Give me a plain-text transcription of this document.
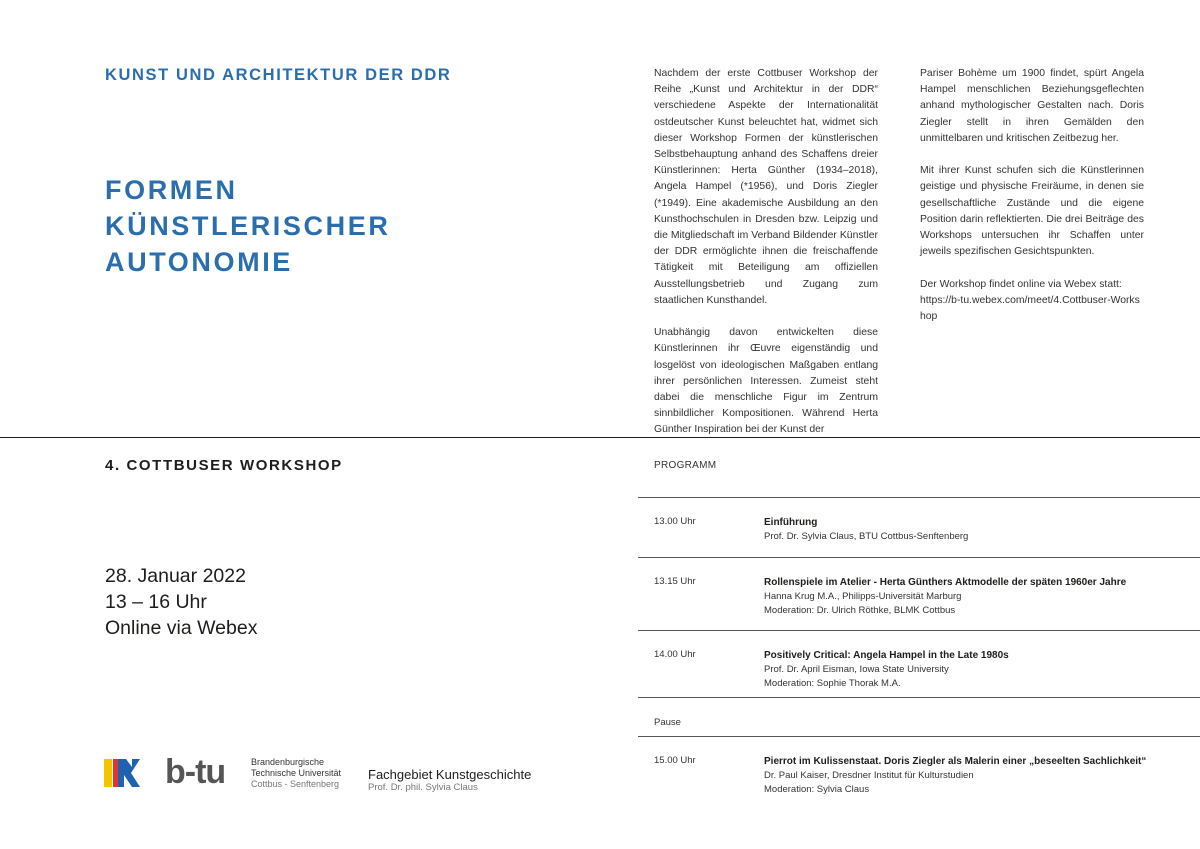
KUNST UND ARCHITEKTUR DER DDR
FORMEN
KÜNSTLERISCHER
AUTONOMIE

Nachdem der erste Cottbuser Workshop der Reihe „Kunst und Architektur in der DDR“ verschiedene Aspekte der Internationalität ostdeutscher Kunst beleuchtet hat, widmet sich dieser Workshop Formen der künstlerischen Selbstbehauptung anhand des Schaffens dreier Künstlerinnen: Herta Günther (1934–2018), Angela Hampel (*1956), und Doris Ziegler (*1949). Eine akademische Ausbildung an den Kunsthochschulen in Dresden bzw. Leipzig und die Mitgliedschaft im Verband Bildender Künstler der DDR ermöglichte ihnen die freischaffende Tätigkeit mit Beteiligung am offiziellen Ausstellungsbetrieb und Zugang zum staatlichen Kunsthandel.

Unabhängig davon entwickelten diese Künstlerinnen ihr Œuvre eigenständig und losgelöst von ideologischen Maßgaben entlang ihrer persönlichen Interessen. Zumeist steht dabei die menschliche Figur im Zentrum sinnbildlicher Kompositionen. Während Herta Günther Inspiration bei der Kunst der

Pariser Bohème um 1900 findet, spürt Angela Hampel menschlichen Beziehungsgeflechten anhand mythologischer Gestalten nach. Doris Ziegler stellt in ihren Gemälden den unmittelbaren und kritischen Zeitbezug her.

Mit ihrer Kunst schufen sich die Künstlerinnen geistige und physische Freiräume, in denen sie gesellschaftliche Zustände und die eigene Position darin reflektierten. Die drei Beiträge des Workshops untersuchen ihr Schaffen unter jeweils spezifischen Gesichtspunkten.

Der Workshop findet online via Webex statt:
https://b-tu.webex.com/meet/4.Cottbuser-Workshop

4. COTTBUSER WORKSHOP
28. Januar 2022
13 – 16 Uhr
Online via Webex
PROGRAMM
13.00 Uhr	Einführung
Prof. Dr. Sylvia Claus, BTU Cottbus-Senftenberg
13.15 Uhr	Rollenspiele im Atelier - Herta Günthers Aktmodelle der späten 1960er Jahre
Hanna Krug M.A., Philipps-Universität Marburg
Moderation: Dr. Ulrich Röthke, BLMK Cottbus
14.00 Uhr	Positively Critical: Angela Hampel in the Late 1980s
Prof. Dr. April Eisman, Iowa State University
Moderation: Sophie Thorak M.A.
Pause
15.00 Uhr	Pierrot im Kulissenstaat. Doris Ziegler als Malerin einer „beseelten Sachlichkeit“
Dr. Paul Kaiser, Dresdner Institut für Kulturstudien
Moderation: Sylvia Claus
b-tu	Brandenburgische
Technische Universität
Cottbus - Senftenberg
Fachgebiet Kunstgeschichte
Prof. Dr. phil. Sylvia Claus
